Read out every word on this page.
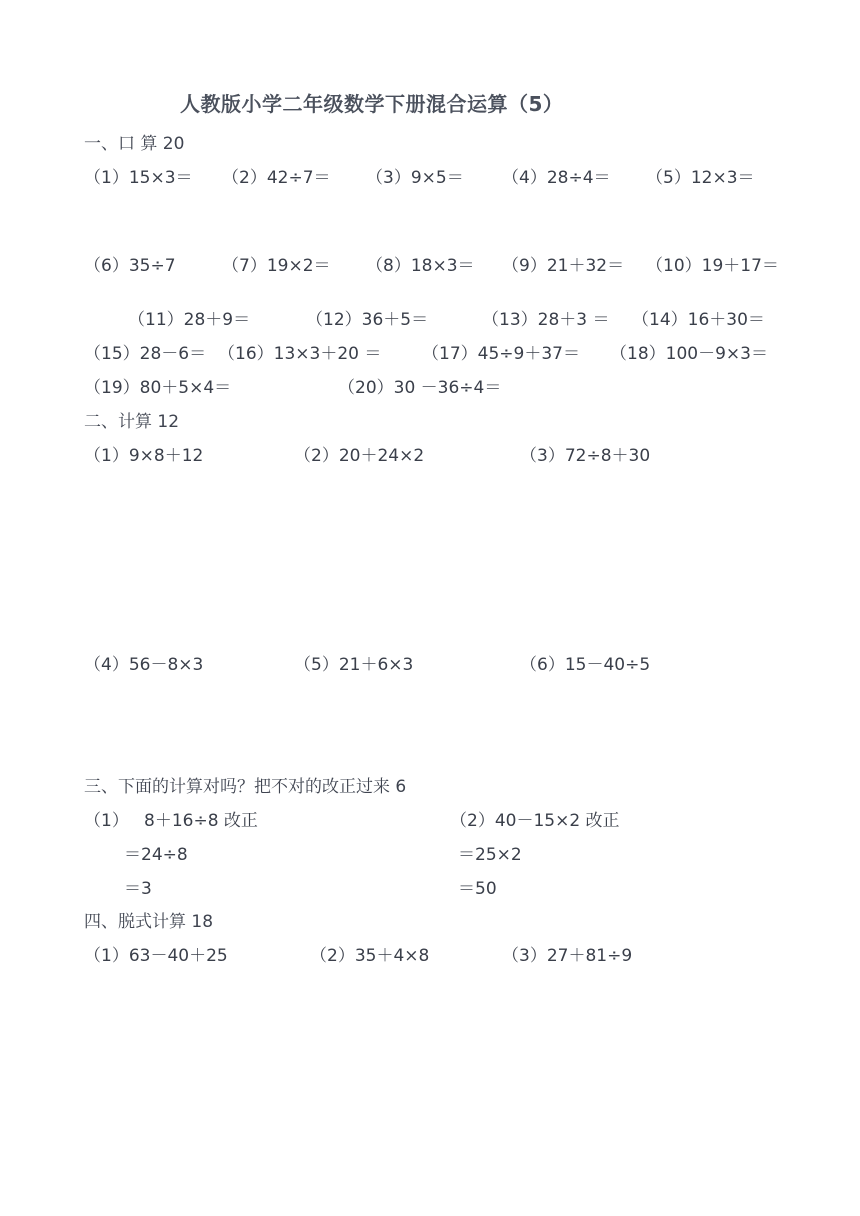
人教版小学二年级数学下册混合运算（5）
一、口 算 20
（1）15×3＝ （2）42÷7＝ （3）9×5＝ （4）28÷4＝ （5）12×3＝
（6）35÷7	（7）19×2＝ （8）18×3＝ （9）21＋32＝ （10）19＋17＝
（11）28＋9＝	（12）36＋5＝	（13）28＋3 ＝ （14）16＋30＝
（15）28－6＝ （16）13×3＋20 ＝ （17）45÷9＋37＝ （18）100－9×3＝
（19）80＋5×4＝	（20）30 －36÷4＝
二、计算 12
（1）9×8＋12	（2）20＋24×2	（3）72÷8＋30
（4）56－8×3	（5）21＋6×3	（6）15－40÷5
三、下面的计算对吗？把不对的改正过来 6
（1） 8＋16÷8 改正
＝24÷8
＝3
（2）40－15×2 改正
＝25×2
＝50
四、脱式计算 18
（1）63－40＋25	（2）35＋4×8	（3）27＋81÷9
